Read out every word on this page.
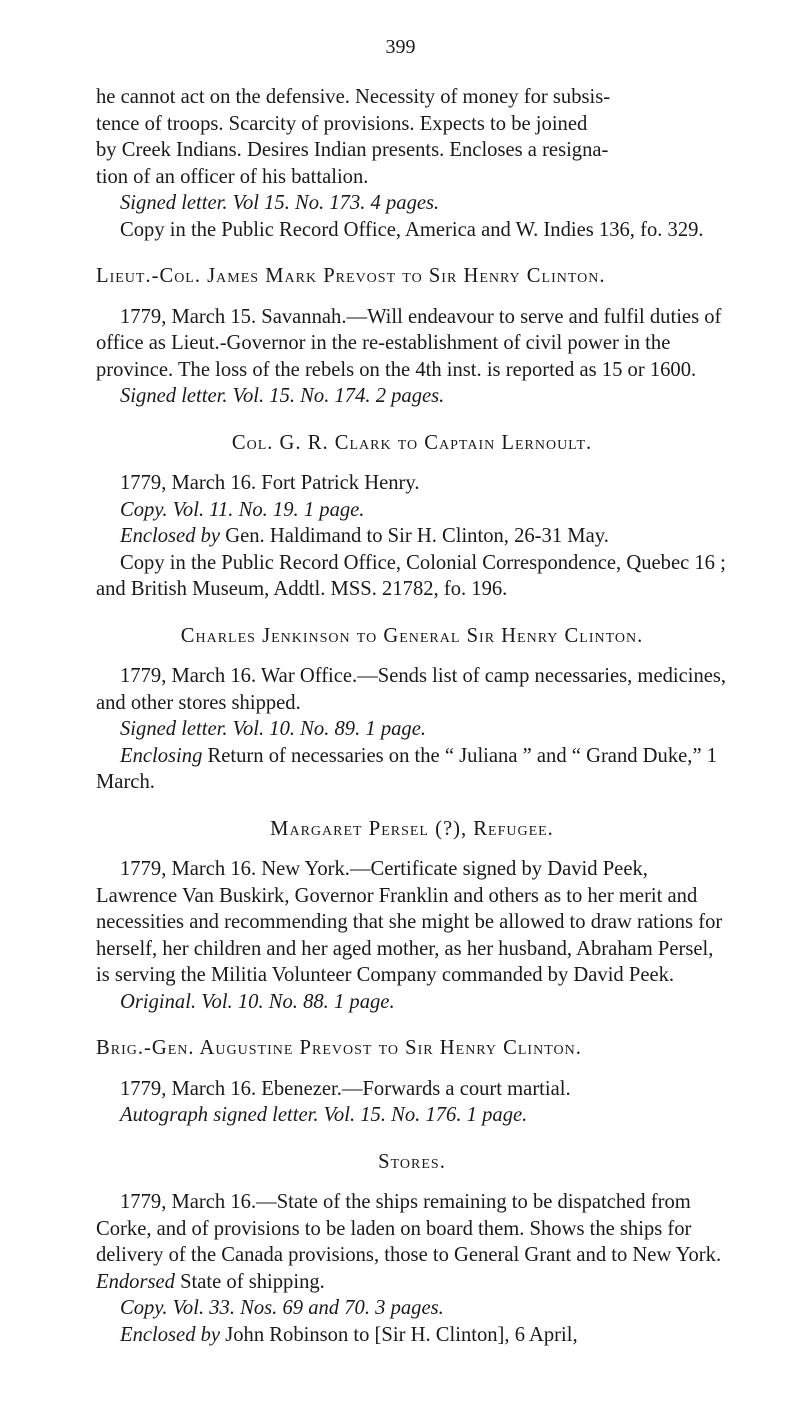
399

he cannot act on the defensive. Necessity of money for subsis-

tence of troops. Scarcity of provisions. Expects to be joined

by Creek Indians. Desires Indian presents. Encloses a resigna-

tion of an officer of his battalion.

Signed letter. Vol 15. No. 173. 4 pages.

Copy in the Public Record Office, America and W. Indies 136, fo. 329.

Lieut.-Col. James Mark Prevost to Sir Henry Clinton.

1779, March 15. Savannah.—Will endeavour to serve and fulfil duties of office as Lieut.-Governor in the re-establishment of civil power in the province. The loss of the rebels on the 4th inst. is reported as 15 or 1600.

Signed letter. Vol. 15. No. 174. 2 pages.

Col. G. R. Clark to Captain Lernoult.

1779, March 16. Fort Patrick Henry.

Copy. Vol. 11. No. 19. 1 page.

Enclosed by Gen. Haldimand to Sir H. Clinton, 26-31 May.

Copy in the Public Record Office, Colonial Correspondence, Quebec 16 ; and British Museum, Addtl. MSS. 21782, fo. 196.

Charles Jenkinson to General Sir Henry Clinton.

1779, March 16. War Office.—Sends list of camp necessaries, medicines, and other stores shipped.

Signed letter. Vol. 10. No. 89. 1 page.

Enclosing Return of necessaries on the “ Juliana ” and “ Grand Duke,” 1 March.

Margaret Persel (?), Refugee.

1779, March 16. New York.—Certificate signed by David Peek, Lawrence Van Buskirk, Governor Franklin and others as to her merit and necessities and recommending that she might be allowed to draw rations for herself, her children and her aged mother, as her husband, Abraham Persel, is serving the Militia Volunteer Company commanded by David Peek.

Original. Vol. 10. No. 88. 1 page.

Brig.-Gen. Augustine Prevost to Sir Henry Clinton.

1779, March 16. Ebenezer.—Forwards a court martial.

Autograph signed letter. Vol. 15. No. 176. 1 page.

Stores.

1779, March 16.—State of the ships remaining to be dispatched from Corke, and of provisions to be laden on board them. Shows the ships for delivery of the Canada provisions, those to General Grant and to New York. Endorsed State of shipping.

Copy. Vol. 33. Nos. 69 and 70. 3 pages.

Enclosed by John Robinson to [Sir H. Clinton], 6 April,
